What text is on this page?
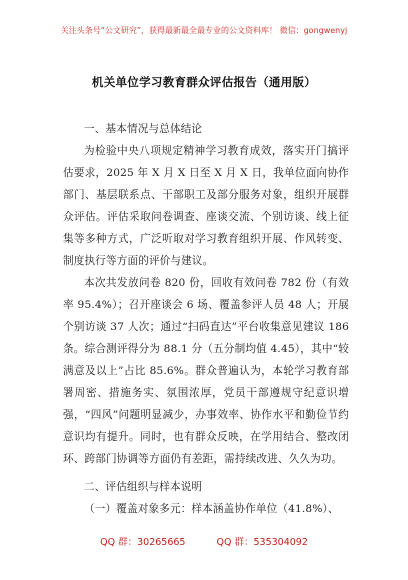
关注头条号“公文研究”，获得最新最全最专业的公文资料库！ 微信：gongwenyj
机关单位学习教育群众评估报告（通用版）

一、基本情况与总体结论

为检验中央八项规定精神学习教育成效，落实开门搞评估要求，2025 年 X 月 X 日至 X 月 X 日，我单位面向协作部门、基层联系点、干部职工及部分服务对象，组织开展群众评估。评估采取问卷调查、座谈交流、个别访谈、线上征集等多种方式，广泛听取对学习教育组织开展、作风转变、制度执行等方面的评价与建议。

本次共发放问卷 820 份，回收有效问卷 782 份（有效率 95.4%）；召开座谈会 6 场、覆盖参评人员 48 人；开展个别访谈 37 人次；通过“扫码直达”平台收集意见建议 186 条。综合测评得分为 88.1 分（五分制均值 4.45），其中“较满意及以上”占比 85.6%。群众普遍认为，本轮学习教育部署周密、措施务实、氛围浓厚，党员干部遵规守纪意识增强，“四风”问题明显减少，办事效率、协作水平和勤俭节约意识均有提升。同时，也有群众反映，在学用结合、整改闭环、跨部门协调等方面仍有差距，需持续改进、久久为功。

二、评估组织与样本说明

（一）覆盖对象多元：样本涵盖协作单位（41.8%）、

QQ 群：30265665	QQ 群：535304092
